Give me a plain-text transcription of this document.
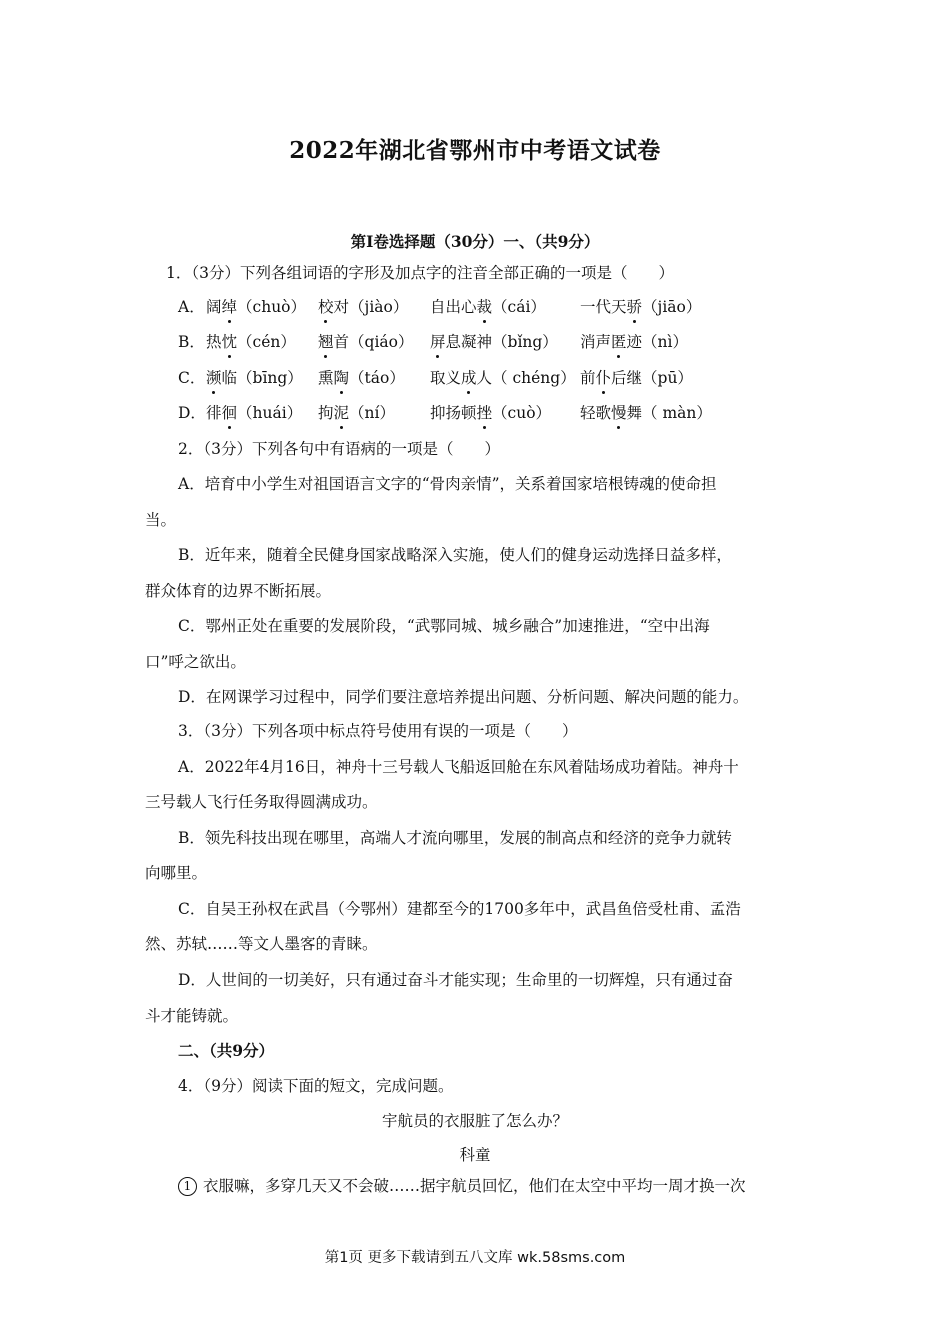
2022年湖北省鄂州市中考语文试卷
第Ⅰ卷选择题（30分）一、（共9分）
1．（3分）下列各组词语的字形及加点字的注音全部正确的一项是（　　）
A． 阔绰（chuò） 校对（jiào） 自出心裁（cái） 一代天骄（jiāo）
B． 热忱（cén） 翘首（qiáo） 屏息凝神（bǐng） 消声匿迹（nì）
C． 濒临（bīng） 熏陶（táo） 取义成人（ chéng） 前仆后继（pū）
D． 徘徊（huái） 拘泥（ní） 抑扬顿挫（cuò） 轻歌慢舞（ màn）
2．（3分）下列各句中有语病的一项是（　　）
A．培育中小学生对祖国语言文字的“骨肉亲情”，关系着国家培根铸魂的使命担
当。
B．近年来，随着全民健身国家战略深入实施，使人们的健身运动选择日益多样，
群众体育的边界不断拓展。
C．鄂州正处在重要的发展阶段，“武鄂同城、城乡融合”加速推进，“空中出海
口”呼之欲出。
D．在网课学习过程中，同学们要注意培养提出问题、分析问题、解决问题的能力。
3．（3分）下列各项中标点符号使用有误的一项是（　　）
A．2022年4月16日，神舟十三号载人飞船返回舱在东风着陆场成功着陆。神舟十
三号载人飞行任务取得圆满成功。
B．领先科技出现在哪里，高端人才流向哪里，发展的制高点和经济的竞争力就转
向哪里。
C．自吴王孙权在武昌（今鄂州）建都至今的1700多年中，武昌鱼倍受杜甫、孟浩
然、苏轼……等文人墨客的青睐。
D．人世间的一切美好，只有通过奋斗才能实现；生命里的一切辉煌，只有通过奋
斗才能铸就。
二、（共9分）
4．（9分）阅读下面的短文，完成问题。
宇航员的衣服脏了怎么办？
科童
1 衣服嘛，多穿几天又不会破……据宇航员回忆，他们在太空中平均一周才换一次
第1页 更多下载请到五八文库 wk.58sms.com
